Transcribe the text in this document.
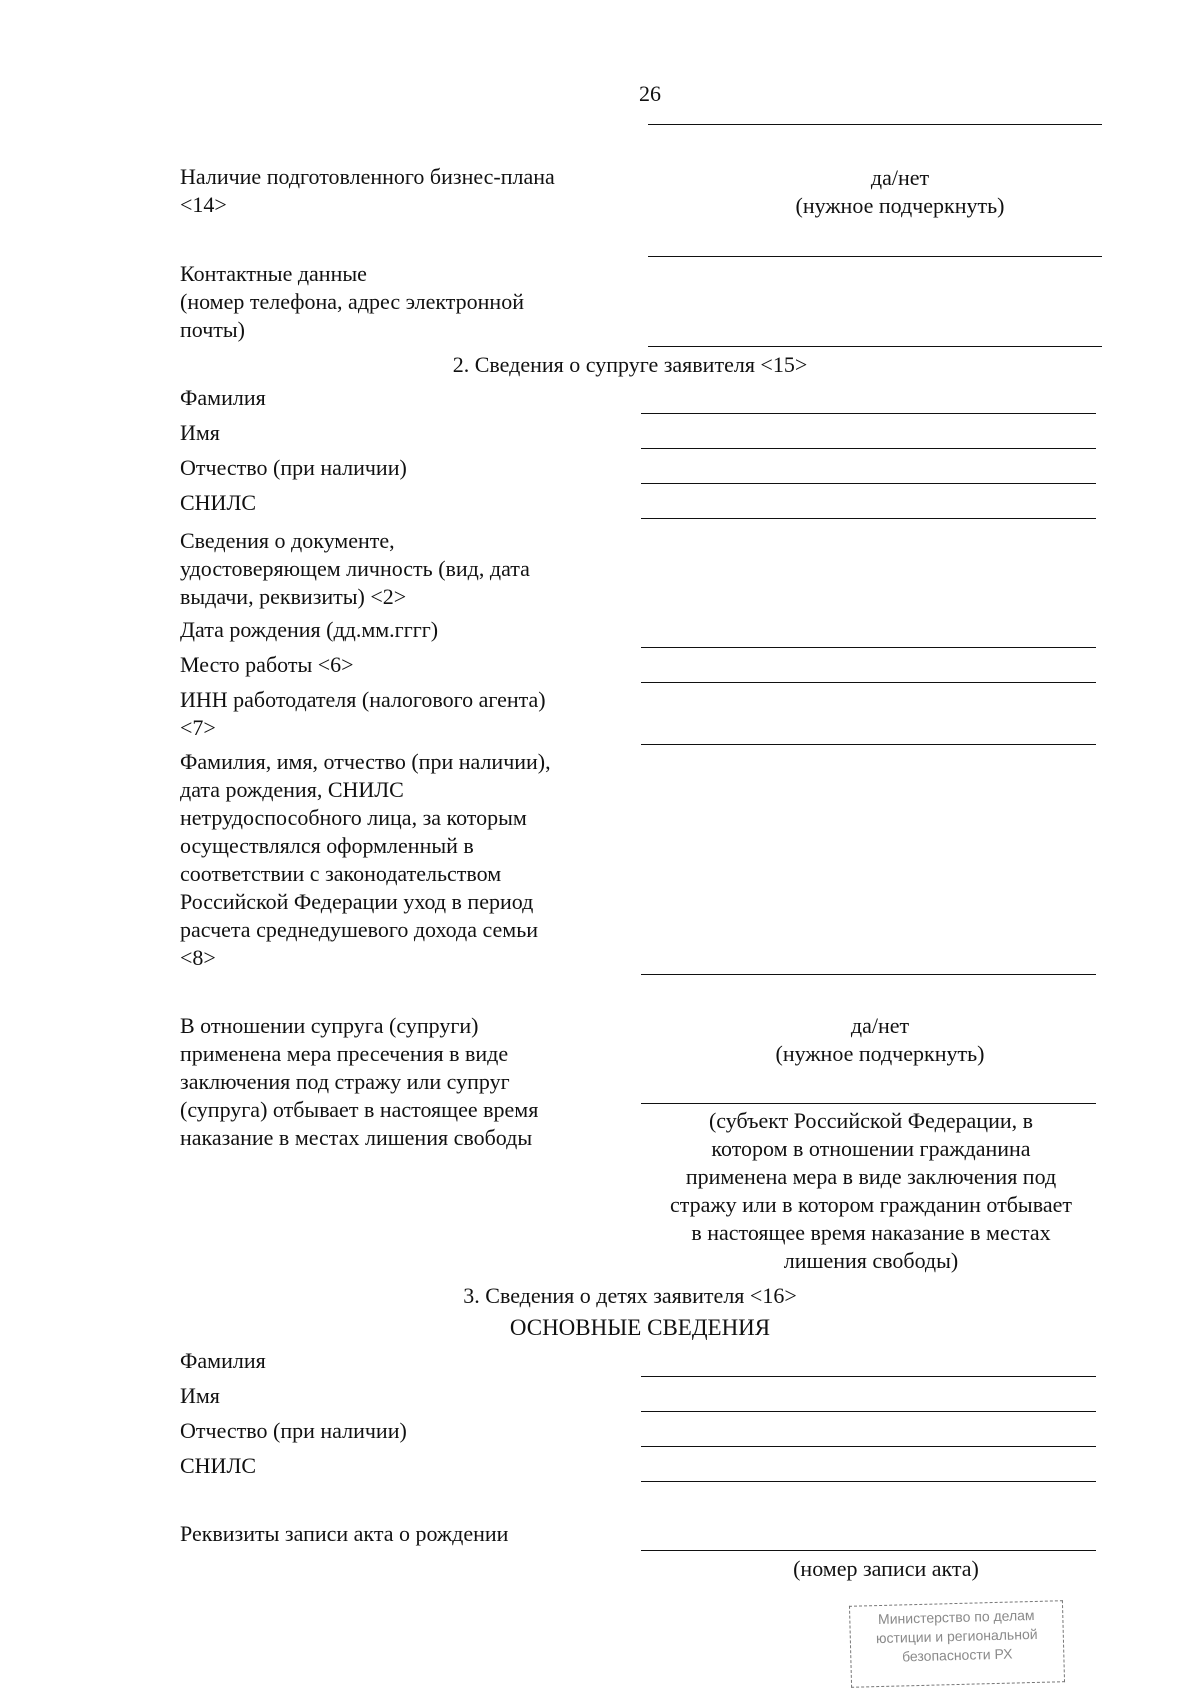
26
Наличие подготовленного бизнес-плана
<14>
да/нет
(нужное подчеркнуть)
Контактные данные
(номер телефона, адрес электронной
почты)
2. Сведения о супруге заявителя <15>
Фамилия
Имя
Отчество (при наличии)
СНИЛС
Сведения о документе,
удостоверяющем личность (вид, дата
выдачи, реквизиты) <2>
Дата рождения (дд.мм.гггг)
Место работы <6>
ИНН работодателя (налогового агента)
<7>
Фамилия, имя, отчество (при наличии),
дата рождения, СНИЛС
нетрудоспособного лица, за которым
осуществлялся оформленный в
соответствии с законодательством
Российской Федерации уход в период
расчета среднедушевого дохода семьи
<8>
В отношении супруга (супруги)
применена мера пресечения в виде
заключения под стражу или супруг
(супруга) отбывает в настоящее время
наказание в местах лишения свободы
да/нет
(нужное подчеркнуть)
(субъект Российской Федерации, в
котором в отношении гражданина
применена мера в виде заключения под
стражу или в котором гражданин отбывает
в настоящее время наказание в местах
лишения свободы)
3. Сведения о детях заявителя <16>
ОСНОВНЫЕ СВЕДЕНИЯ
Фамилия
Имя
Отчество (при наличии)
СНИЛС
Реквизиты записи акта о рождении
(номер записи акта)
Министерство по делам
юстиции и региональной
безопасности РХ
